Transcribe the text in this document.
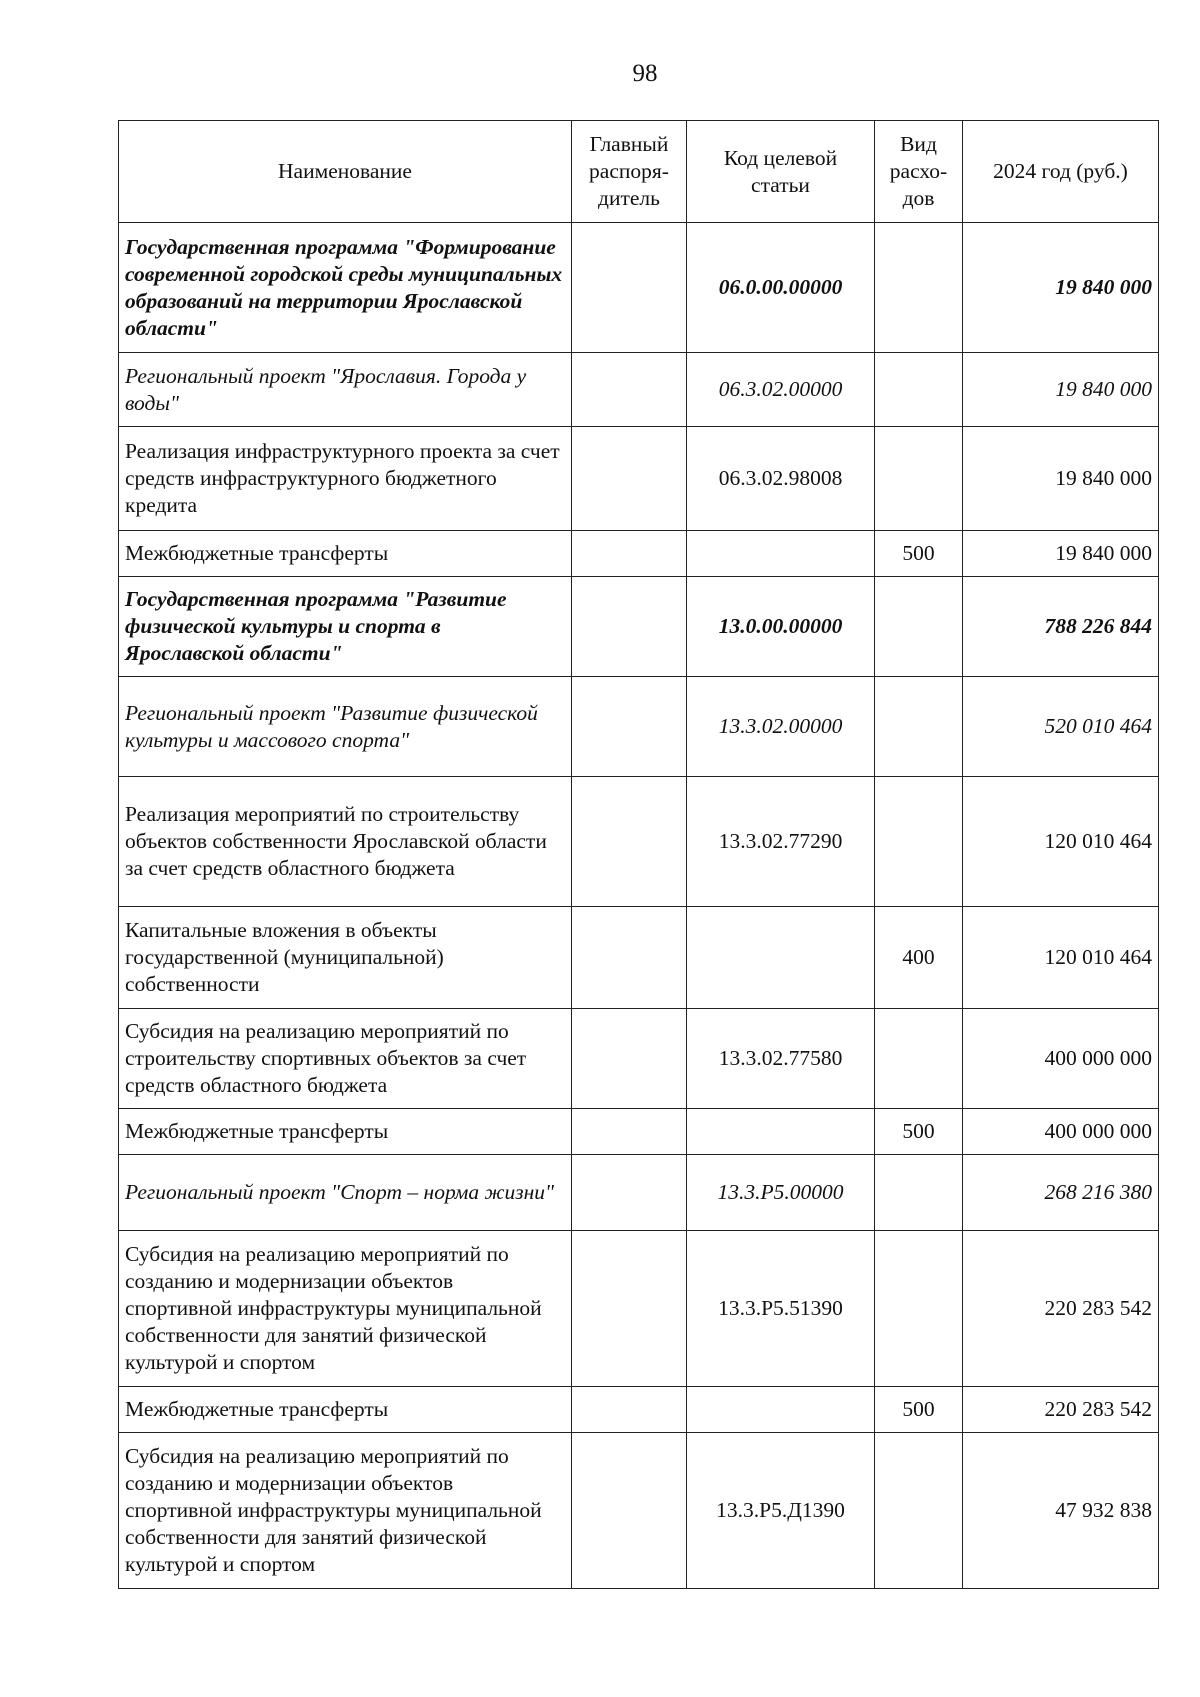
98
Наименование	Главный распоря-дитель	Код целевой статьи	Вид расхо-дов	2024 год (руб.)
Государственная программа "Формирование современной городской среды муниципальных образований на территории Ярославской области"		06.0.00.00000		19 840 000
Региональный проект "Ярославия. Города у воды"		06.3.02.00000		19 840 000
Реализация инфраструктурного проекта за счет средств инфраструктурного бюджетного кредита		06.3.02.98008		19 840 000
Межбюджетные трансферты			500	19 840 000
Государственная программа "Развитие физической культуры и спорта в Ярославской области"		13.0.00.00000		788 226 844
Региональный проект "Развитие физической культуры и массового спорта"		13.3.02.00000		520 010 464
Реализация мероприятий по строительству объектов собственности Ярославской области за счет средств областного бюджета		13.3.02.77290		120 010 464
Капитальные вложения в объекты государственной (муниципальной) собственности			400	120 010 464
Субсидия на реализацию мероприятий по строительству спортивных объектов за счет средств областного бюджета		13.3.02.77580		400 000 000
Межбюджетные трансферты			500	400 000 000
Региональный проект "Спорт – норма жизни"		13.3.P5.00000		268 216 380
Субсидия на реализацию мероприятий по созданию и модернизации объектов спортивной инфраструктуры муниципальной собственности для занятий физической культурой и спортом		13.3.P5.51390		220 283 542
Межбюджетные трансферты			500	220 283 542
Субсидия на реализацию мероприятий по созданию и модернизации объектов спортивной инфраструктуры муниципальной собственности для занятий физической культурой и спортом		13.3.P5.Д1390		47 932 838
